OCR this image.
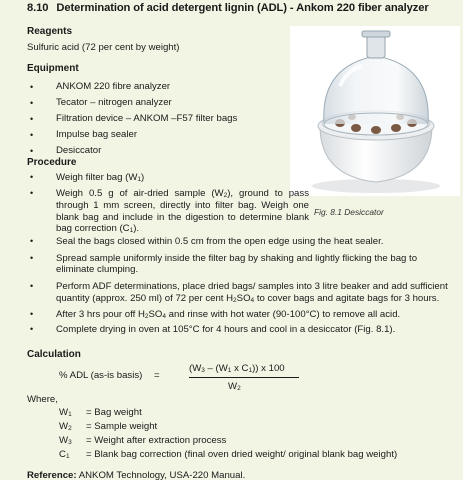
8.10 Determination of acid detergent lignin (ADL) - Ankom 220 fiber analyzer
Reagents
Sulfuric acid (72 per cent by weight)
Equipment
• ANKOM 220 fibre analyzer
• Tecator – nitrogen analyzer
• Filtration device – ANKOM –F57 filter bags
• Impulse bag sealer
• Desiccator
Fig. 8.1 Desiccator
Procedure
• Weigh filter bag $(W_1)$
• Weigh 0.5 g of air-dried sample $(W_2)$, ground to pass through 1 mm screen, directly into filter bag. Weigh one blank bag and include in the digestion to determine blank bag correction $(C_1)$.
• Seal the bags closed within 0.5 cm from the open edge using the heat sealer.
• Spread sample uniformly inside the filter bag by shaking and lightly flicking the bag to eliminate clumping.
• Perform ADF determinations, place dried bags/ samples into 3 litre beaker and add sufficient quantity (approx. 250 ml) of 72 per cent $H_2SO_4$ to cover bags and agitate bags for 3 hours.
• After 3 hrs pour off $H_2SO_4$ and rinse with hot water (90-100°C) to remove all acid.
• Complete drying in oven at 105°C for 4 hours and cool in a desiccator (Fig. 8.1).
Calculation
% ADL (as-is basis) =
($W_3 - (W_1$ x $C_1$)) x 100
$W_2$
Where,
$W_1$ = Bag weight
$W_2$ = Sample weight
$W_3$ = Weight after extraction process
$C_1$ = Blank bag correction (final oven dried weight/ original blank bag weight)
Reference: ANKOM Technology, USA-220 Manual.
